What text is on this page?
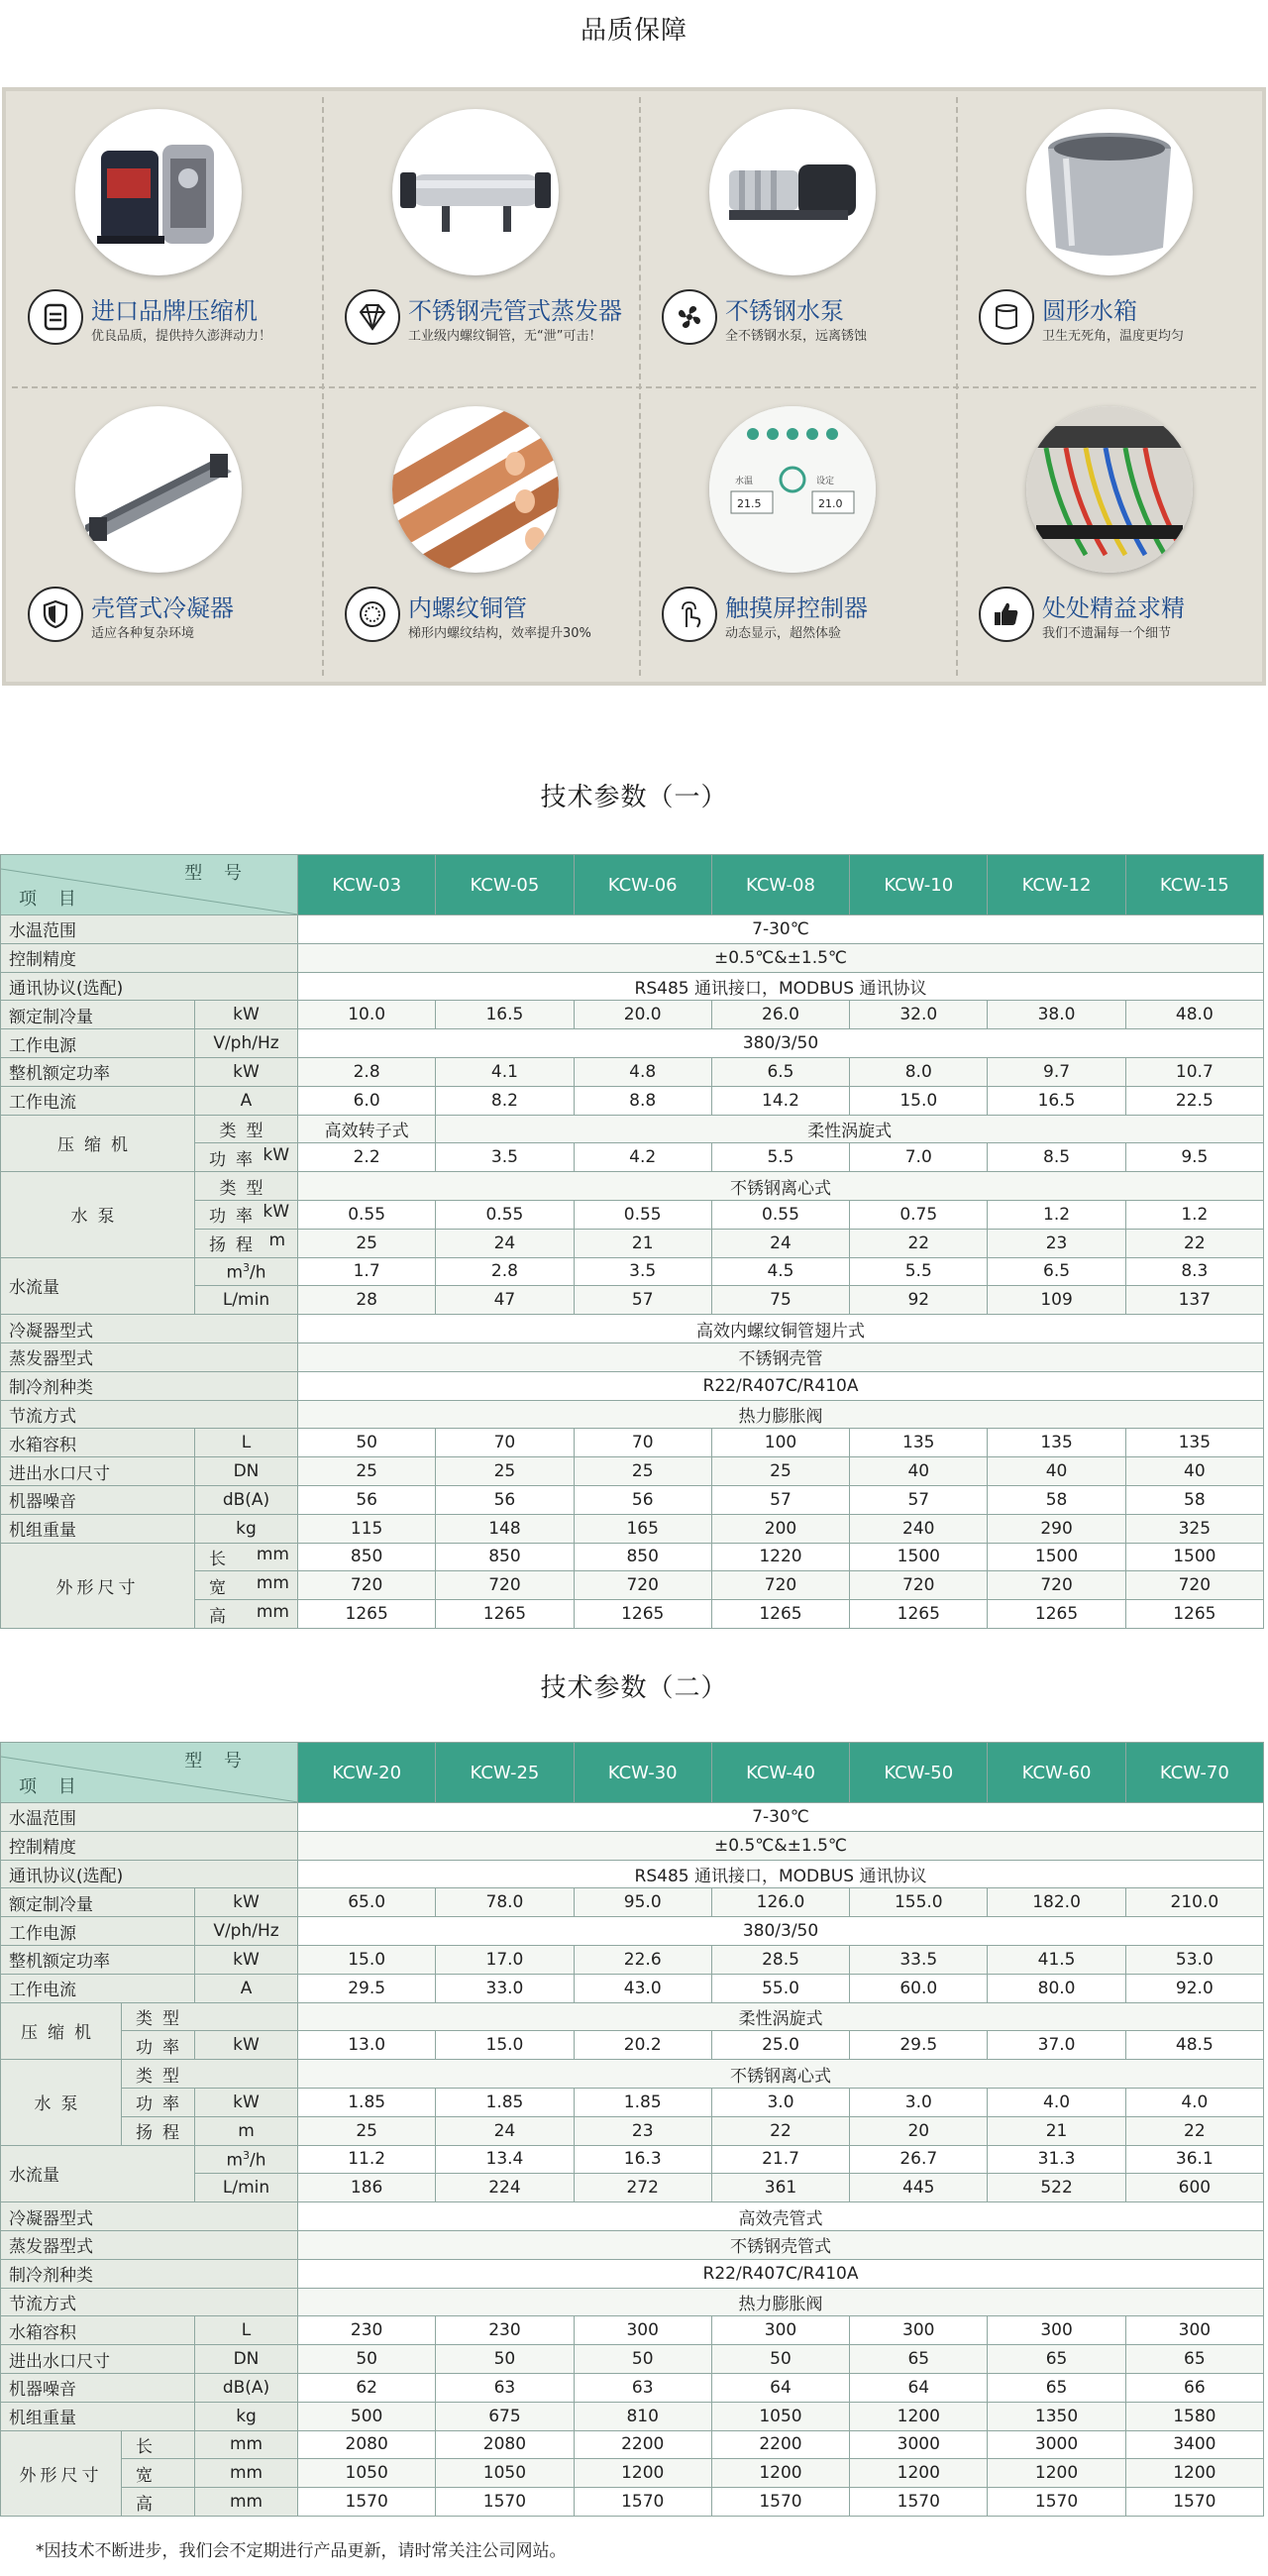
品质保障
进口品牌压缩机
优良品质，提供持久澎湃动力！
不锈钢壳管式蒸发器
工业级内螺纹铜管，无“泄”可击！
不锈钢水泵
全不锈钢水泵，远离锈蚀
圆形水箱
卫生无死角，温度更均匀
壳管式冷凝器
适应各种复杂环境
内螺纹铜管
梯形内螺纹结构，效率提升30%
水温	设定
21.5	21.0
触摸屏控制器
动态显示，超然体验
处处精益求精
我们不遗漏每一个细节
技术参数（一）
型 号
项 目		KCW-03	KCW-05	KCW-06	KCW-08	KCW-10	KCW-12	KCW-15
水温范围		7-30℃						
控制精度		±0.5℃&±1.5℃						
通讯协议(选配)		RS485 通讯接口，MODBUS 通讯协议						
额定制冷量	kW	10.0	16.5	20.0	26.0	32.0	38.0	48.0
工作电源	V/ph/Hz	380/3/50						
整机额定功率	kW	2.8	4.1	4.8	6.5	8.0	9.7	10.7
工作电流	A	6.0	8.2	8.8	14.2	15.0	16.5	22.5
压缩机	类型	高效转子式	柔性涡旋式					
	功率 kW	2.2	3.5	4.2	5.5	7.0	8.5	9.5
水泵	类型	不锈钢离心式						
	功率 kW	0.55	0.55	0.55	0.55	0.75	1.2	1.2
	扬程 m	25	24	21	24	22	23	22
水流量	$m^3/h$	1.7	2.8	3.5	4.5	5.5	6.5	8.3
	L/min	28	47	57	75	92	109	137
冷凝器型式		高效内螺纹铜管翅片式						
蒸发器型式		不锈钢壳管						
制冷剂种类		R22/R407C/R410A						
节流方式		热力膨胀阀						
水箱容积	L	50	70	70	100	135	135	135
进出水口尺寸	DN	25	25	25	25	40	40	40
机器噪音	dB(A)	56	56	56	57	57	58	58
机组重量	kg	115	148	165	200	240	290	325
外形尺寸	长 mm	850	850	850	1220	1500	1500	1500
	宽 mm	720	720	720	720	720	720	720
	高 mm	1265	1265	1265	1265	1265	1265	1265
技术参数（二）
型 号
项 目			KCW-20	KCW-25	KCW-30	KCW-40	KCW-50	KCW-60	KCW-70
水温范围			7-30℃						
控制精度			±0.5℃&±1.5℃						
通讯协议(选配)			RS485 通讯接口，MODBUS 通讯协议						
额定制冷量		kW	65.0	78.0	95.0	126.0	155.0	182.0	210.0
工作电源		V/ph/Hz	380/3/50						
整机额定功率		kW	15.0	17.0	22.6	28.5	33.5	41.5	53.0
工作电流		A	29.5	33.0	43.0	55.0	60.0	80.0	92.0
压缩机	类型		柔性涡旋式						
	功率	kW	13.0	15.0	20.2	25.0	29.5	37.0	48.5
水泵	类型		不锈钢离心式						
	功率	kW	1.85	1.85	1.85	3.0	3.0	4.0	4.0
	扬程	m	25	24	23	22	20	21	22
水流量		$m^3/h$	11.2	13.4	16.3	21.7	26.7	31.3	36.1
		L/min	186	224	272	361	445	522	600
冷凝器型式			高效壳管式						
蒸发器型式			不锈钢壳管式						
制冷剂种类			R22/R407C/R410A						
节流方式			热力膨胀阀						
水箱容积		L	230	230	300	300	300	300	300
进出水口尺寸		DN	50	50	50	50	65	65	65
机器噪音		dB(A)	62	63	63	64	64	65	66
机组重量		kg	500	675	810	1050	1200	1350	1580
外形尺寸	长	mm	2080	2080	2200	2200	3000	3000	3400
	宽	mm	1050	1050	1200	1200	1200	1200	1200
	高	mm	1570	1570	1570	1570	1570	1570	1570
*因技术不断进步，我们会不定期进行产品更新，请时常关注公司网站。
